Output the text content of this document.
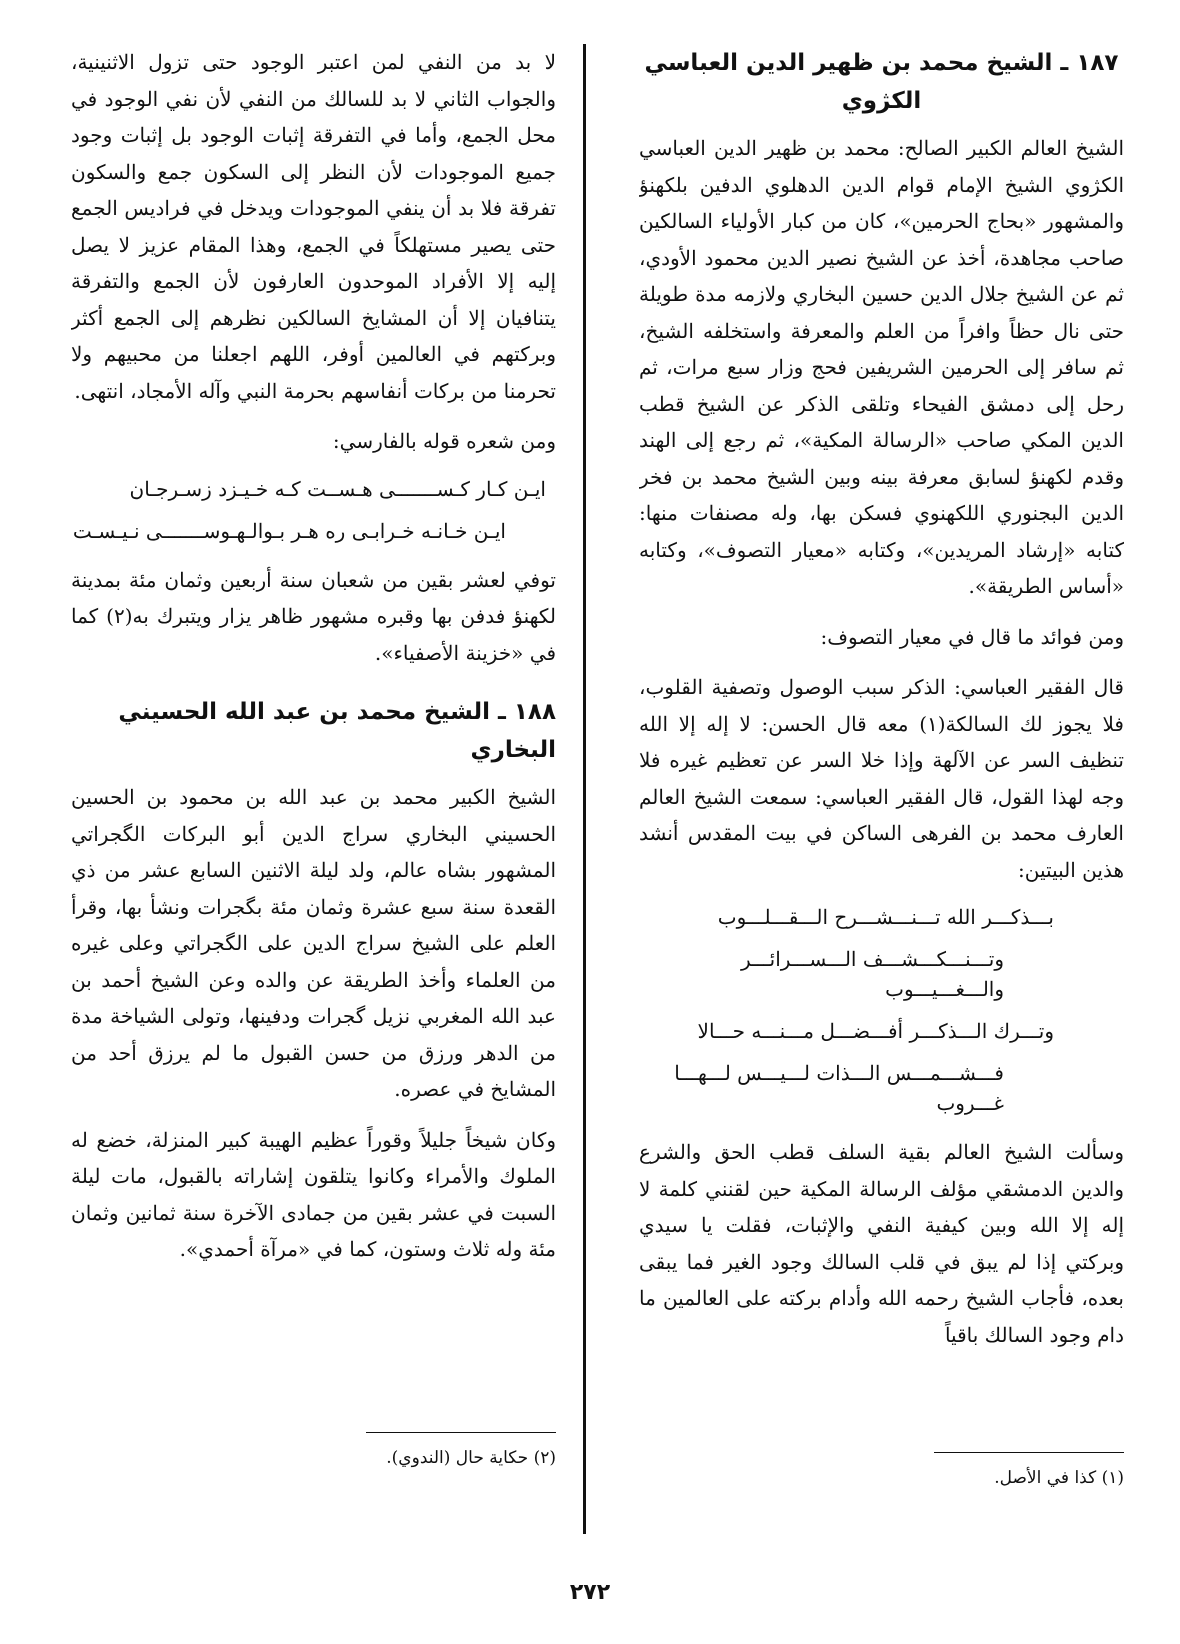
١٨٧ ـ الشيخ محمد بن ظهير الدين العباسي الكژوي

الشيخ العالم الكبير الصالح: محمد بن ظهير الدين العباسي الكژوي الشيخ الإمام قوام الدين الدهلوي الدفين بلكهنؤ والمشهور «بحاج الحرمين»، كان من كبار الأولياء السالكين صاحب مجاهدة، أخذ عن الشيخ نصير الدين محمود الأودي، ثم عن الشيخ جلال الدين حسين البخاري ولازمه مدة طويلة حتى نال حظاً وافراً من العلم والمعرفة واستخلفه الشيخ، ثم سافر إلى الحرمين الشريفين فحج وزار سبع مرات، ثم رحل إلى دمشق الفيحاء وتلقى الذكر عن الشيخ قطب الدين المكي صاحب «الرسالة المكية»، ثم رجع إلى الهند وقدم لكهنؤ لسابق معرفة بينه وبين الشيخ محمد بن فخر الدين البجنوري اللكهنوي فسكن بها، وله مصنفات منها: كتابه «إرشاد المريدين»، وكتابه «معيار التصوف»، وكتابه «أساس الطريقة».

ومن فوائد ما قال في معيار التصوف:

قال الفقير العباسي: الذكر سبب الوصول وتصفية القلوب، فلا يجوز لك السالكة(١) معه قال الحسن: لا إله إلا الله تنظيف السر عن الآلهة وإذا خلا السر عن تعظيم غيره فلا وجه لهذا القول، قال الفقير العباسي: سمعت الشيخ العالم العارف محمد بن الفرهى الساكن في بيت المقدس أنشد هذين البيتين:

بـــذكـــر الله تـــنـــشـــرح الـــقـــلـــوب
وتـــنـــكـــشـــف الـــســـرائـــر والـــغـــيـــوب
وتـــرك الـــذكـــر أفـــضـــل مـــنـــه حـــالا
فـــشـــمـــس الـــذات لـــيـــس لـــهـــا غـــروب

وسألت الشيخ العالم بقية السلف قطب الحق والشرع والدين الدمشقي مؤلف الرسالة المكية حين لقنني كلمة لا إله إلا الله وبين كيفية النفي والإثبات، فقلت يا سيدي وبركتي إذا لم يبق في قلب السالك وجود الغير فما يبقى بعده، فأجاب الشيخ رحمه الله وأدام بركته على العالمين ما دام وجود السالك باقياً

(١) كذا في الأصل.

لا بد من النفي لمن اعتبر الوجود حتى تزول الاثنينية، والجواب الثاني لا بد للسالك من النفي لأن نفي الوجود في محل الجمع، وأما في التفرقة إثبات الوجود بل إثبات وجود جميع الموجودات لأن النظر إلى السكون جمع والسكون تفرقة فلا بد أن ينفي الموجودات ويدخل في فراديس الجمع حتى يصير مستهلكاً في الجمع، وهذا المقام عزيز لا يصل إليه إلا الأفراد الموحدون العارفون لأن الجمع والتفرقة يتنافيان إلا أن المشايخ السالكين نظرهم إلى الجمع أكثر وبركتهم في العالمين أوفر، اللهم اجعلنا من محبيهم ولا تحرمنا من بركات أنفاسهم بحرمة النبي وآله الأمجاد، انتهى.

ومن شعره قوله بالفارسي:

ايـن كـار كـســـــــى هـســت كـه خـيـزد زسـرجـان
ايـن خـانـه خـرابـى ره هـر بـوالـهـوســـــــى نـيـسـت

توفي لعشر بقين من شعبان سنة أربعين وثمان مئة بمدينة لكهنؤ فدفن بها وقبره مشهور ظاهر يزار ويتبرك به(٢) كما في «خزينة الأصفياء».

١٨٨ ـ الشيخ محمد بن عبد الله الحسيني البخاري

الشيخ الكبير محمد بن عبد الله بن محمود بن الحسين الحسيني البخاري سراج الدين أبو البركات الگجراتي المشهور بشاه عالم، ولد ليلة الاثنين السابع عشر من ذي القعدة سنة سبع عشرة وثمان مئة بگجرات ونشأ بها، وقرأ العلم على الشيخ سراج الدين على الگجراتي وعلى غيره من العلماء وأخذ الطريقة عن والده وعن الشيخ أحمد بن عبد الله المغربي نزيل گجرات ودفينها، وتولى الشياخة مدة من الدهر ورزق من حسن القبول ما لم يرزق أحد من المشايخ في عصره.

وكان شيخاً جليلاً وقوراً عظيم الهيبة كبير المنزلة، خضع له الملوك والأمراء وكانوا يتلقون إشاراته بالقبول، مات ليلة السبت في عشر بقين من جمادى الآخرة سنة ثمانين وثمان مئة وله ثلاث وستون، كما في «مرآة أحمدي».

(٢) حكاية حال (الندوي).
٢٧٢
